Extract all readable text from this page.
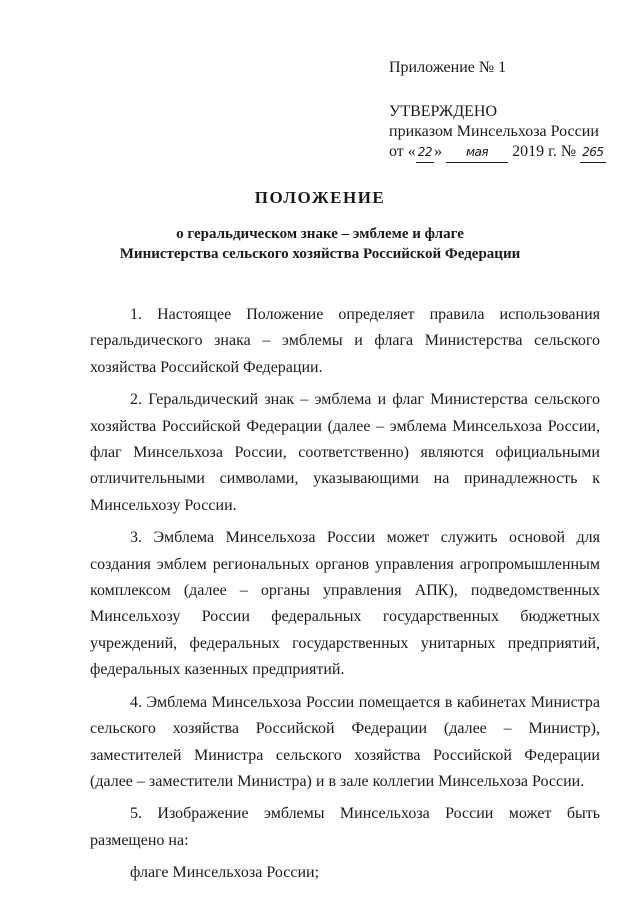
Приложение № 1
УТВЕРЖДЕНО
приказом Минсельхоза России
от « 22 » мая 2019 г. № 265
ПОЛОЖЕНИЕ
о геральдическом знаке – эмблеме и флаге
Министерства сельского хозяйства Российской Федерации

1. Настоящее Положение определяет правила использования геральдического знака – эмблемы и флага Министерства сельского хозяйства Российской Федерации.

2. Геральдический знак – эмблема и флаг Министерства сельского хозяйства Российской Федерации (далее – эмблема Минсельхоза России, флаг Минсельхоза России, соответственно) являются официальными отличительными символами, указывающими на принадлежность к Минсельхозу России.

3. Эмблема Минсельхоза России может служить основой для создания эмблем региональных органов управления агропромышленным комплексом (далее – органы управления АПК), подведомственных Минсельхозу России федеральных государственных бюджетных учреждений, федеральных государственных унитарных предприятий, федеральных казенных предприятий.

4. Эмблема Минсельхоза России помещается в кабинетах Министра сельского хозяйства Российской Федерации (далее – Министр), заместителей Министра сельского хозяйства Российской Федерации (далее – заместители Министра) и в зале коллегии Минсельхоза России.

5. Изображение эмблемы Минсельхоза России может быть размещено на:

флаге Минсельхоза России;
